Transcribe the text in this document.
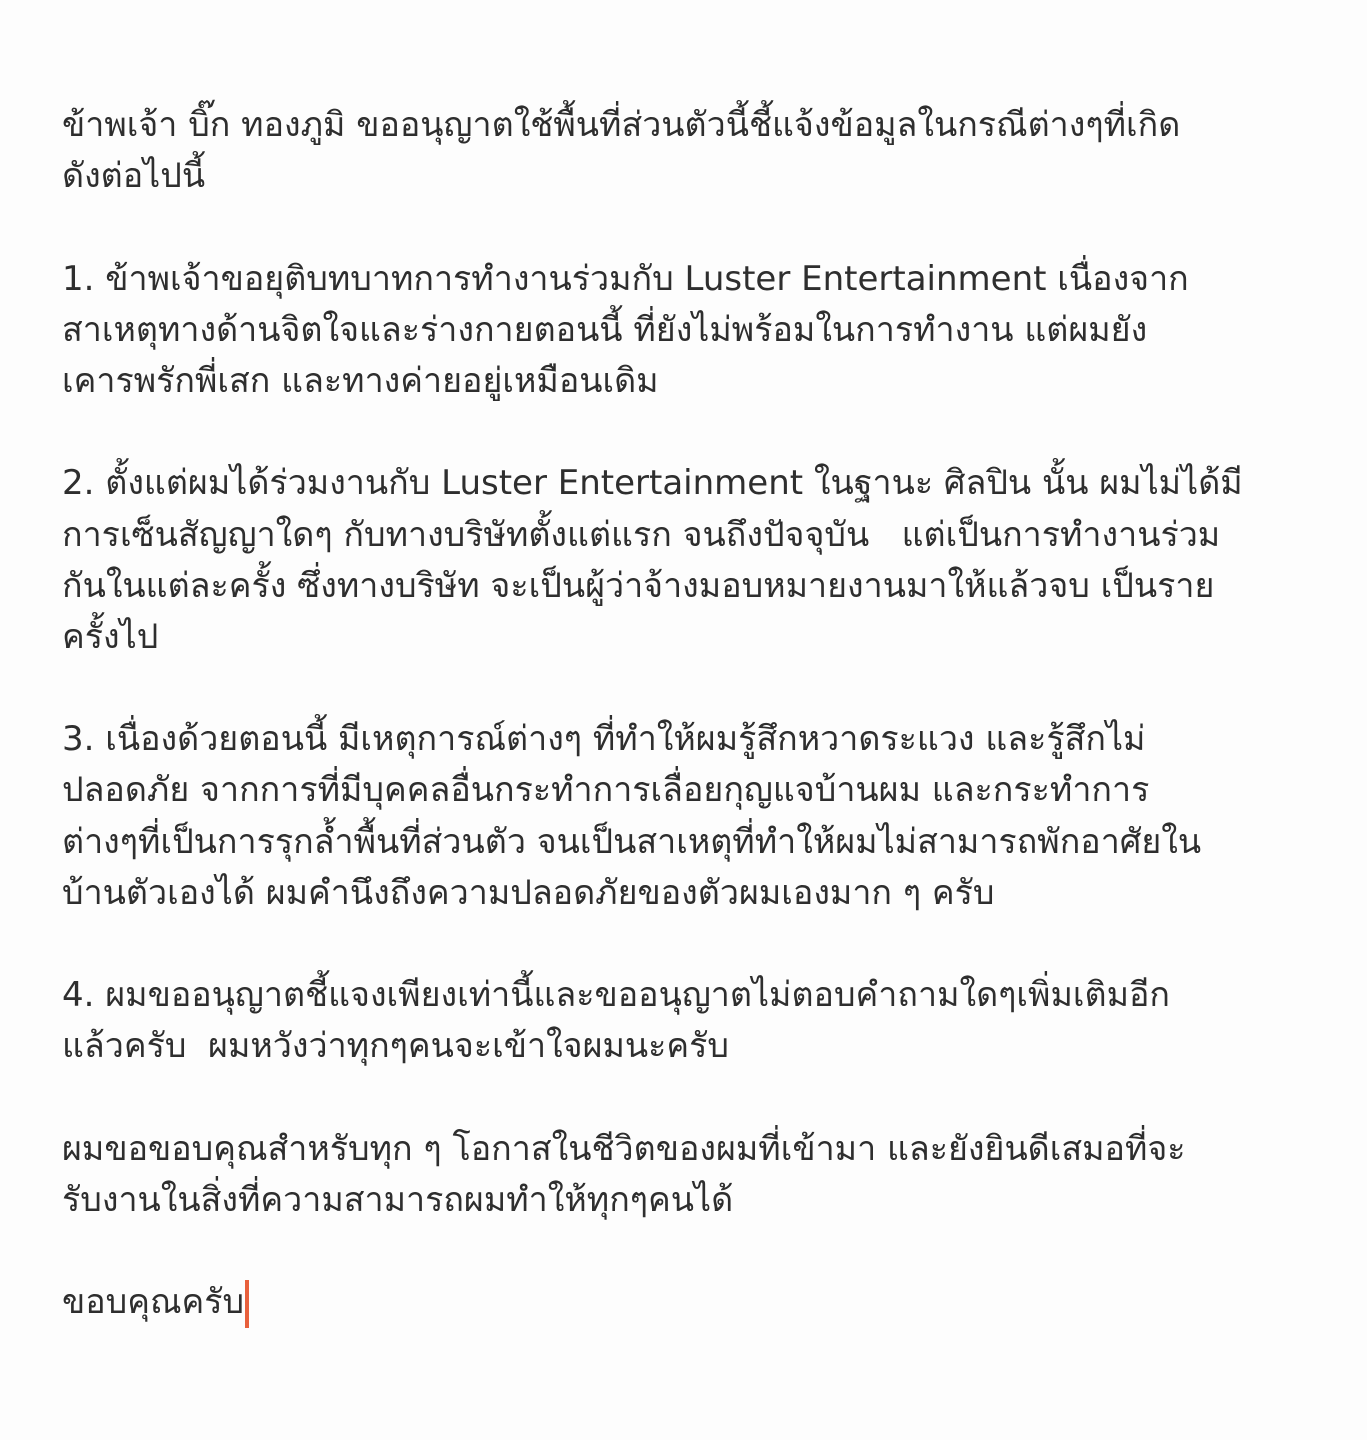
ข้าพเจ้า บิ๊ก ทองภูมิ ขออนุญาตใช้พื้นที่ส่วนตัวนี้ชี้แจ้งข้อมูลในกรณีต่างๆที่เกิด
ดังต่อไปนี้
1. ข้าพเจ้าขอยุติบทบาทการทำงานร่วมกับ Luster Entertainment เนื่องจาก
สาเหตุทางด้านจิตใจและร่างกายตอนนี้ ที่ยังไม่พร้อมในการทำงาน แต่ผมยัง
เคารพรักพี่เสก และทางค่ายอยู่เหมือนเดิม
2. ตั้งแต่ผมได้ร่วมงานกับ Luster Entertainment ในฐานะ ศิลปิน นั้น ผมไม่ได้มี
การเซ็นสัญญาใดๆ กับทางบริษัทตั้งแต่แรก จนถึงปัจจุบัน   แต่เป็นการทำงานร่วม
กันในแต่ละครั้ง ซึ่งทางบริษัท จะเป็นผู้ว่าจ้างมอบหมายงานมาให้แล้วจบ เป็นราย
ครั้งไป
3. เนื่องด้วยตอนนี้ มีเหตุการณ์ต่างๆ ที่ทำให้ผมรู้สึกหวาดระแวง และรู้สึกไม่
ปลอดภัย จากการที่มีบุคคลอื่นกระทำการเลื่อยกุญแจบ้านผม และกระทำการ
ต่างๆที่เป็นการรุกล้ำพื้นที่ส่วนตัว จนเป็นสาเหตุที่ทำให้ผมไม่สามารถพักอาศัยใน
บ้านตัวเองได้ ผมคำนึงถึงความปลอดภัยของตัวผมเองมาก ๆ ครับ
4. ผมขออนุญาตชี้แจงเพียงเท่านี้และขออนุญาตไม่ตอบคำถามใดๆเพิ่มเติมอีก
แล้วครับ  ผมหวังว่าทุกๆคนจะเข้าใจผมนะครับ
ผมขอขอบคุณสำหรับทุก ๆ โอกาสในชีวิตของผมที่เข้ามา และยังยินดีเสมอที่จะ
รับงานในสิ่งที่ความสามารถผมทำให้ทุกๆคนได้
ขอบคุณครับ
